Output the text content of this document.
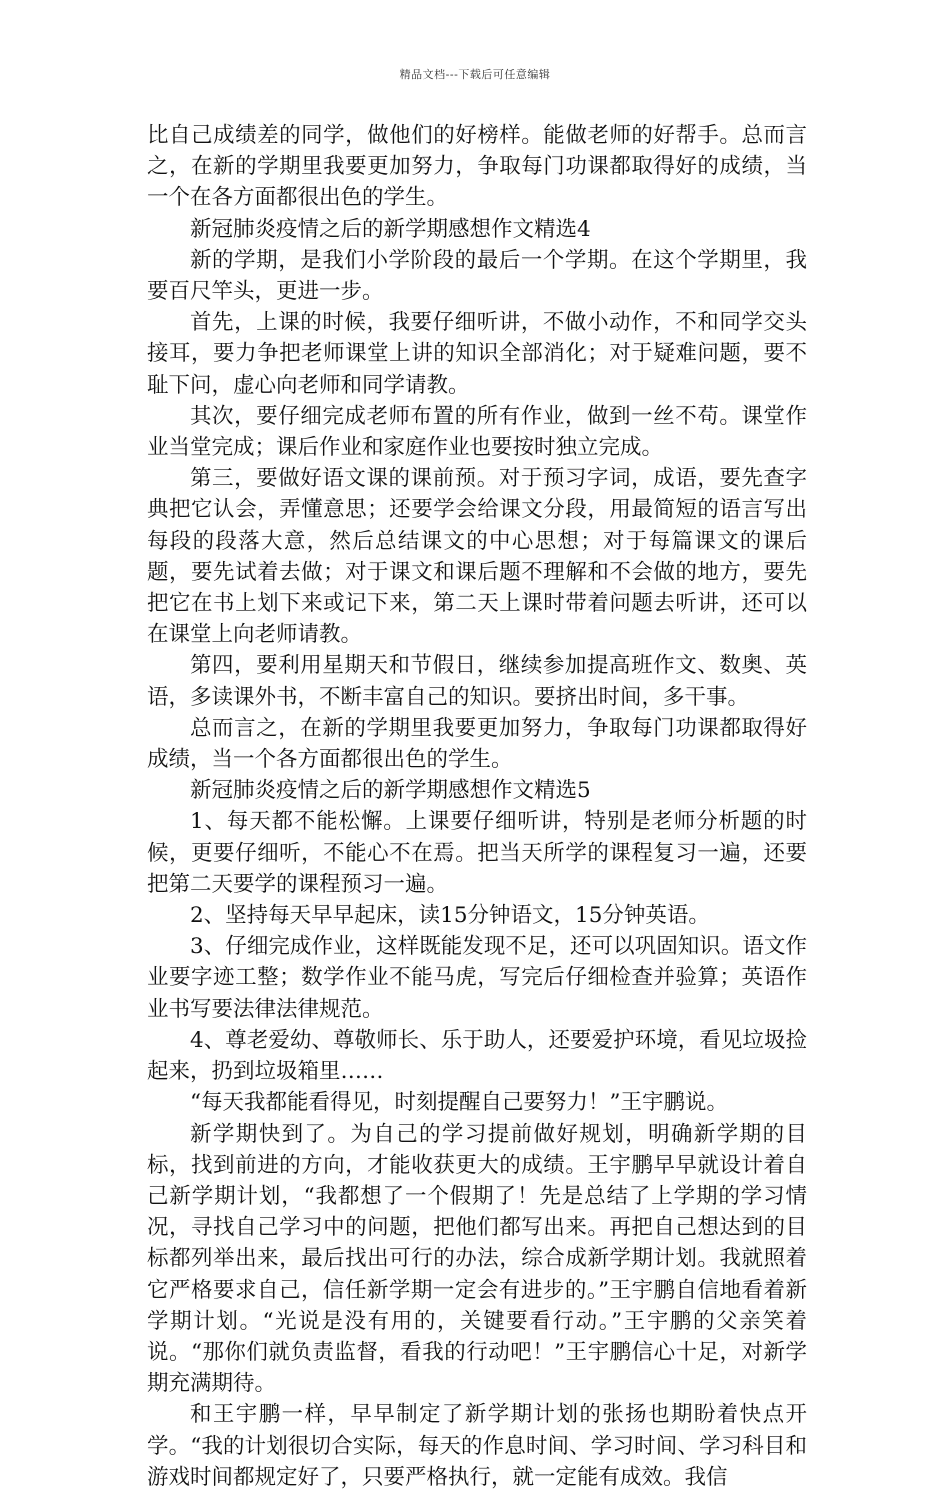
精品文档---下载后可任意编辑

比自己成绩差的同学，做他们的好榜样。能做老师的好帮手。总而言之，在新的学期里我要更加努力，争取每门功课都取得好的成绩，当一个在各方面都很出色的学生。

新冠肺炎疫情之后的新学期感想作文精选4

新的学期，是我们小学阶段的最后一个学期。在这个学期里，我要百尺竿头，更进一步。

首先，上课的时候，我要仔细听讲，不做小动作，不和同学交头接耳，要力争把老师课堂上讲的知识全部消化；对于疑难问题，要不耻下问，虚心向老师和同学请教。

其次，要仔细完成老师布置的所有作业，做到一丝不苟。课堂作业当堂完成；课后作业和家庭作业也要按时独立完成。

第三，要做好语文课的课前预。对于预习字词，成语，要先查字典把它认会，弄懂意思；还要学会给课文分段，用最简短的语言写出每段的段落大意，然后总结课文的中心思想；对于每篇课文的课后题，要先试着去做；对于课文和课后题不理解和不会做的地方，要先把它在书上划下来或记下来，第二天上课时带着问题去听讲，还可以在课堂上向老师请教。

第四，要利用星期天和节假日，继续参加提高班作文、数奥、英语，多读课外书，不断丰富自己的知识。要挤出时间，多干事。

总而言之，在新的学期里我要更加努力，争取每门功课都取得好成绩，当一个各方面都很出色的学生。

新冠肺炎疫情之后的新学期感想作文精选5

1、每天都不能松懈。上课要仔细听讲，特别是老师分析题的时候，更要仔细听，不能心不在焉。把当天所学的课程复习一遍，还要把第二天要学的课程预习一遍。

2、坚持每天早早起床，读15分钟语文，15分钟英语。

3、仔细完成作业，这样既能发现不足，还可以巩固知识。语文作业要字迹工整；数学作业不能马虎，写完后仔细检查并验算；英语作业书写要法律法律规范。

4、尊老爱幼、尊敬师长、乐于助人，还要爱护环境，看见垃圾捡起来，扔到垃圾箱里……

“每天我都能看得见，时刻提醒自己要努力！”王宇鹏说。

新学期快到了。为自己的学习提前做好规划，明确新学期的目标，找到前进的方向，才能收获更大的成绩。王宇鹏早早就设计着自己新学期计划，“我都想了一个假期了！先是总结了上学期的学习情况，寻找自己学习中的问题，把他们都写出来。再把自己想达到的目标都列举出来，最后找出可行的办法，综合成新学期计划。我就照着它严格要求自己，信任新学期一定会有进步的。”王宇鹏自信地看着新学期计划。“光说是没有用的，关键要看行动。”王宇鹏的父亲笑着说。“那你们就负责监督，看我的行动吧！”王宇鹏信心十足，对新学期充满期待。

和王宇鹏一样，早早制定了新学期计划的张扬也期盼着快点开学。“我的计划很切合实际，每天的作息时间、学习时间、学习科目和游戏时间都规定好了，只要严格执行，就一定能有成效。我信
